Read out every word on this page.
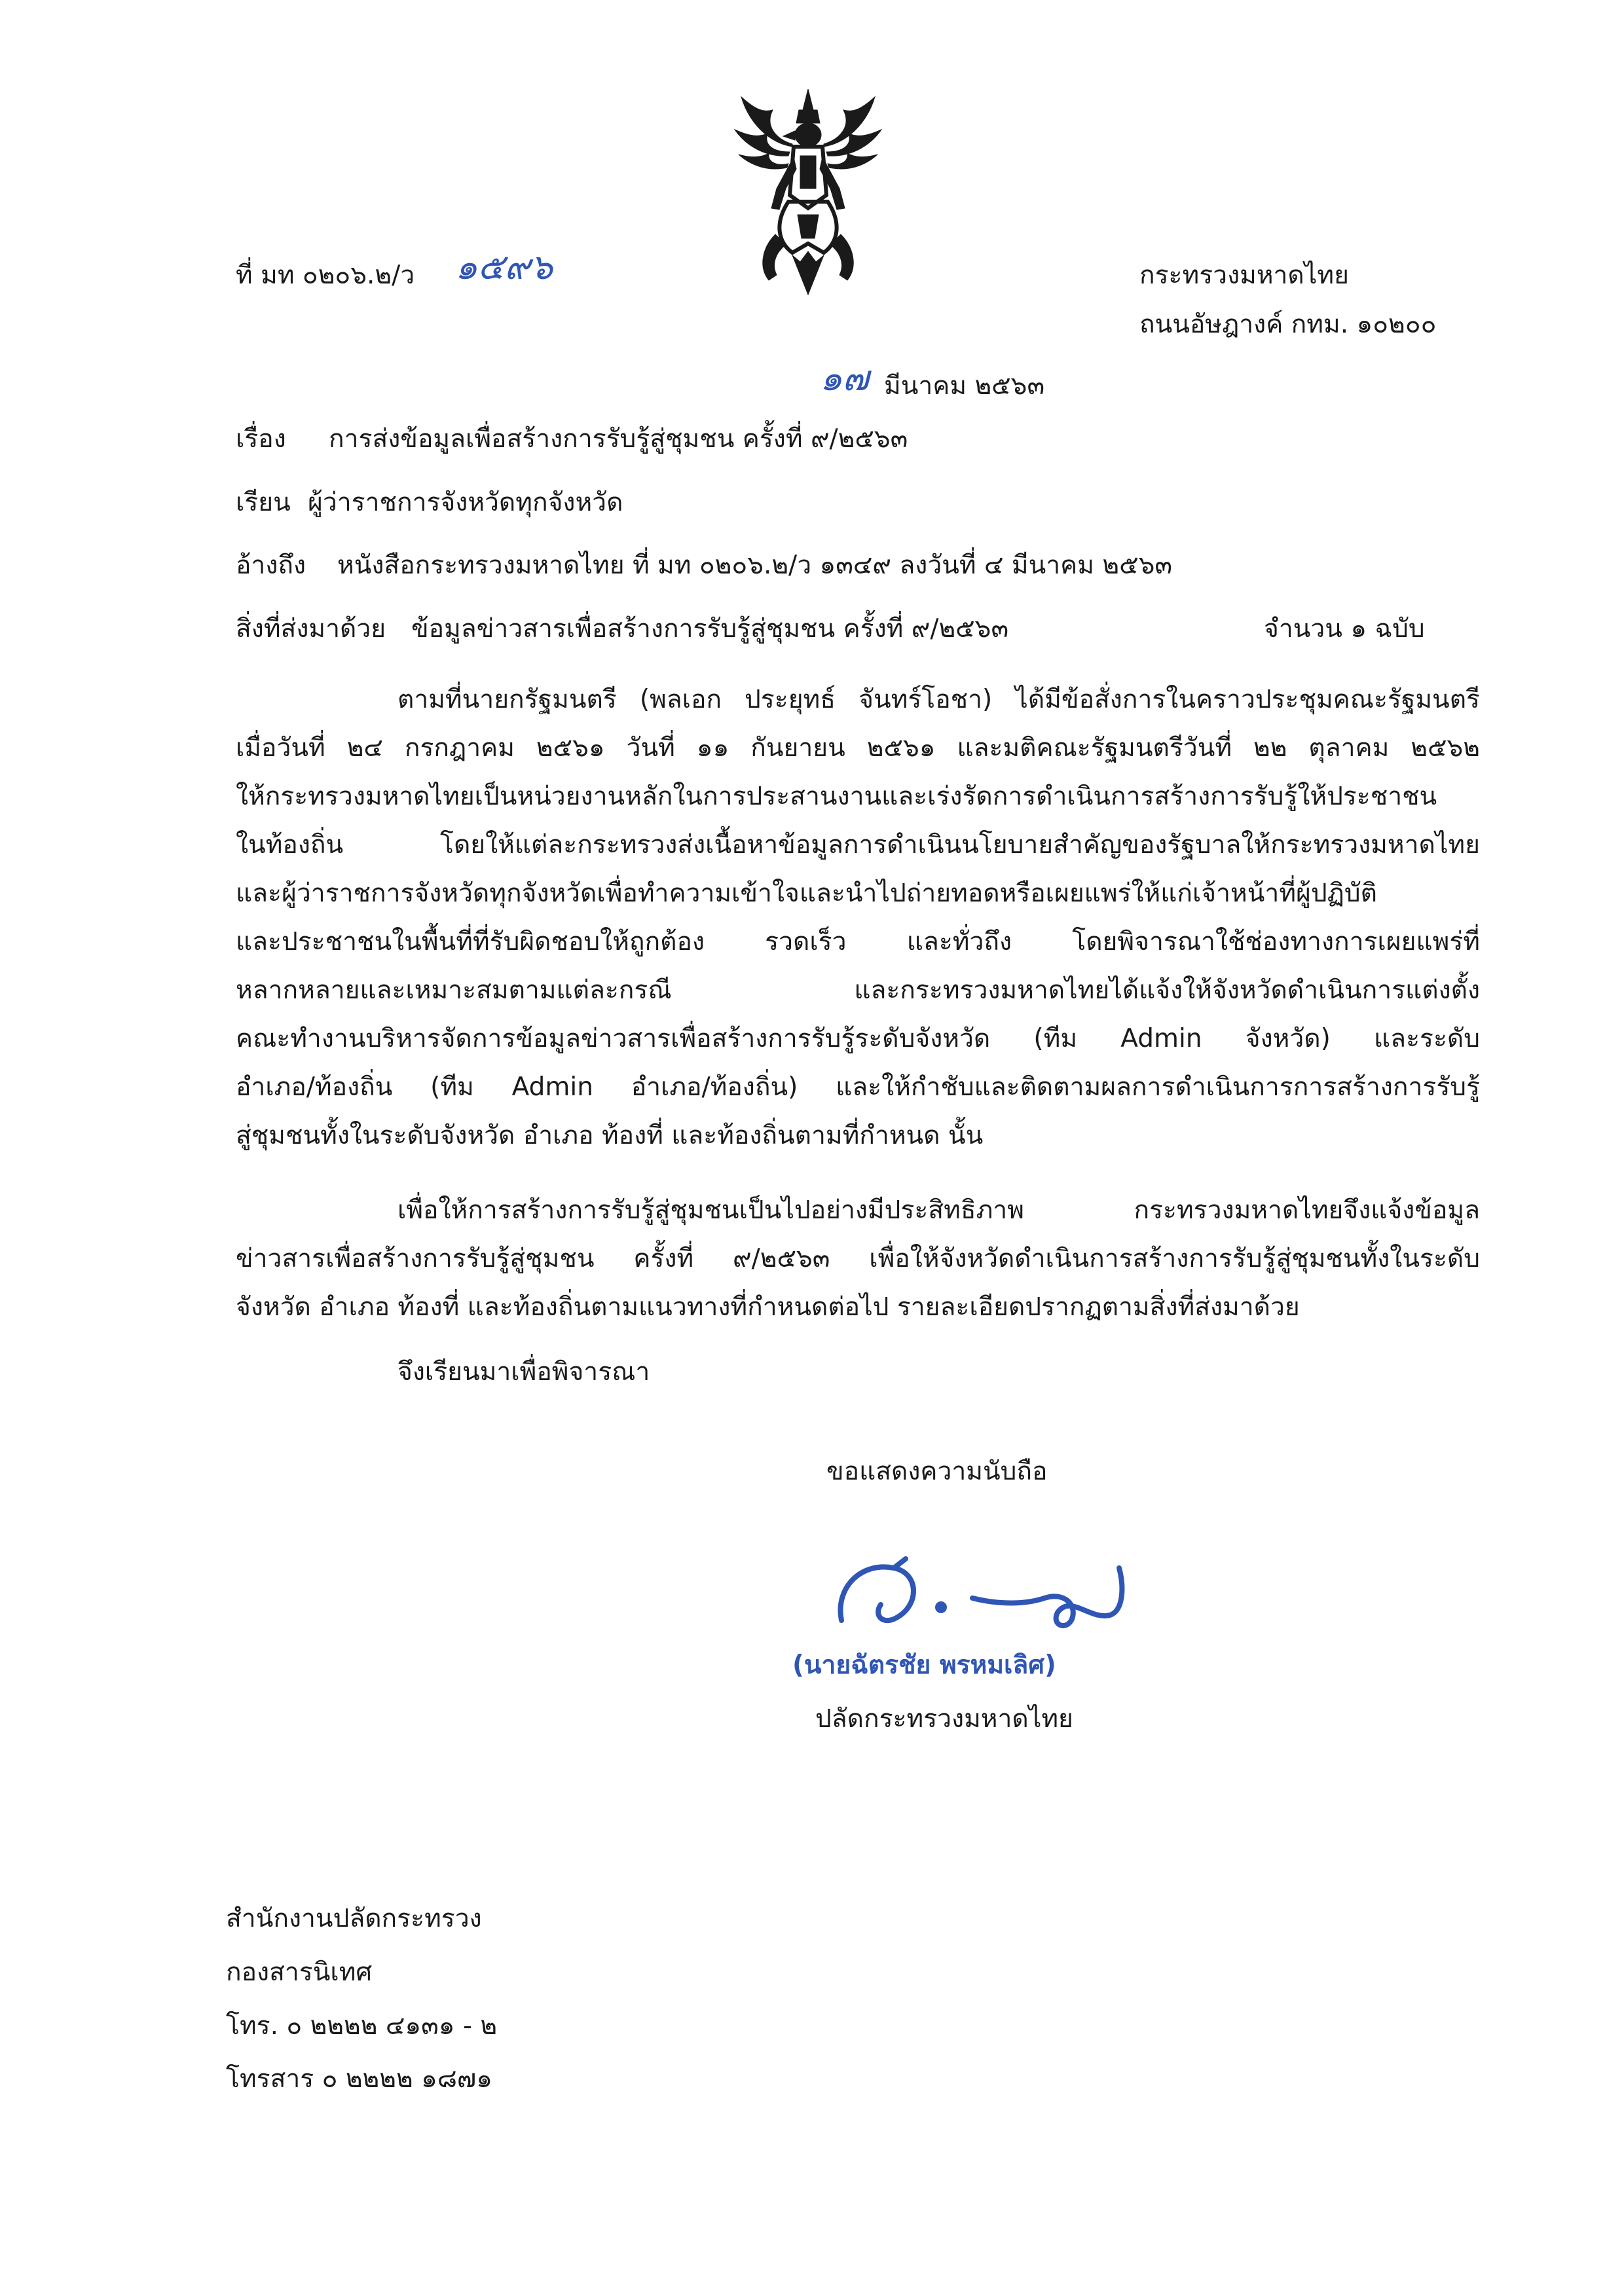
ที่ มท ๐๒๐๖.๒/ว ๑๕๙๖	กระทรวงมหาดไทย
ถนนอัษฎางค์ กทม. ๑๐๒๐๐
๑๗ มีนาคม ๒๕๖๓
เรื่อง การส่งข้อมูลเพื่อสร้างการรับรู้สู่ชุมชน ครั้งที่ ๙/๒๕๖๓
เรียน ผู้ว่าราชการจังหวัดทุกจังหวัด
อ้างถึง หนังสือกระทรวงมหาดไทย ที่ มท ๐๒๐๖.๒/ว ๑๓๔๙ ลงวันที่ ๔ มีนาคม ๒๕๖๓
สิ่งที่ส่งมาด้วย ข้อมูลข่าวสารเพื่อสร้างการรับรู้สู่ชุมชน ครั้งที่ ๙/๒๕๖๓	จำนวน ๑ ฉบับ
ตามที่นายกรัฐมนตรี (พลเอก ประยุทธ์ จันทร์โอชา) ได้มีข้อสั่งการในคราวประชุมคณะรัฐมนตรี
เมื่อวันที่ ๒๔ กรกฎาคม ๒๕๖๑ วันที่ ๑๑ กันยายน ๒๕๖๑ และมติคณะรัฐมนตรีวันที่ ๒๒ ตุลาคม ๒๕๖๒
ให้กระทรวงมหาดไทยเป็นหน่วยงานหลักในการประสานงานและเร่งรัดการดำเนินการสร้างการรับรู้ให้ประชาชน
ในท้องถิ่น โดยให้แต่ละกระทรวงส่งเนื้อหาข้อมูลการดำเนินนโยบายสำคัญของรัฐบาลให้กระทรวงมหาดไทย
และผู้ว่าราชการจังหวัดทุกจังหวัดเพื่อทำความเข้าใจและนำไปถ่ายทอดหรือเผยแพร่ให้แก่เจ้าหน้าที่ผู้ปฏิบัติ
และประชาชนในพื้นที่ที่รับผิดชอบให้ถูกต้อง รวดเร็ว และทั่วถึง โดยพิจารณาใช้ช่องทางการเผยแพร่ที่
หลากหลายและเหมาะสมตามแต่ละกรณี และกระทรวงมหาดไทยได้แจ้งให้จังหวัดดำเนินการแต่งตั้ง
คณะทำงานบริหารจัดการข้อมูลข่าวสารเพื่อสร้างการรับรู้ระดับจังหวัด (ทีม Admin จังหวัด) และระดับ
อำเภอ/ท้องถิ่น (ทีม Admin อำเภอ/ท้องถิ่น) และให้กำชับและติดตามผลการดำเนินการการสร้างการรับรู้
สู่ชุมชนทั้งในระดับจังหวัด อำเภอ ท้องที่ และท้องถิ่นตามที่กำหนด นั้น
เพื่อให้การสร้างการรับรู้สู่ชุมชนเป็นไปอย่างมีประสิทธิภาพ กระทรวงมหาดไทยจึงแจ้งข้อมูล
ข่าวสารเพื่อสร้างการรับรู้สู่ชุมชน ครั้งที่ ๙/๒๕๖๓ เพื่อให้จังหวัดดำเนินการสร้างการรับรู้สู่ชุมชนทั้งในระดับ
จังหวัด อำเภอ ท้องที่ และท้องถิ่นตามแนวทางที่กำหนดต่อไป รายละเอียดปรากฏตามสิ่งที่ส่งมาด้วย
จึงเรียนมาเพื่อพิจารณา
ขอแสดงความนับถือ
(นายฉัตรชัย พรหมเลิศ)
ปลัดกระทรวงมหาดไทย
สำนักงานปลัดกระทรวง
กองสารนิเทศ
โทร. ๐ ๒๒๒๒ ๔๑๓๑ - ๒
โทรสาร ๐ ๒๒๒๒ ๑๘๗๑
